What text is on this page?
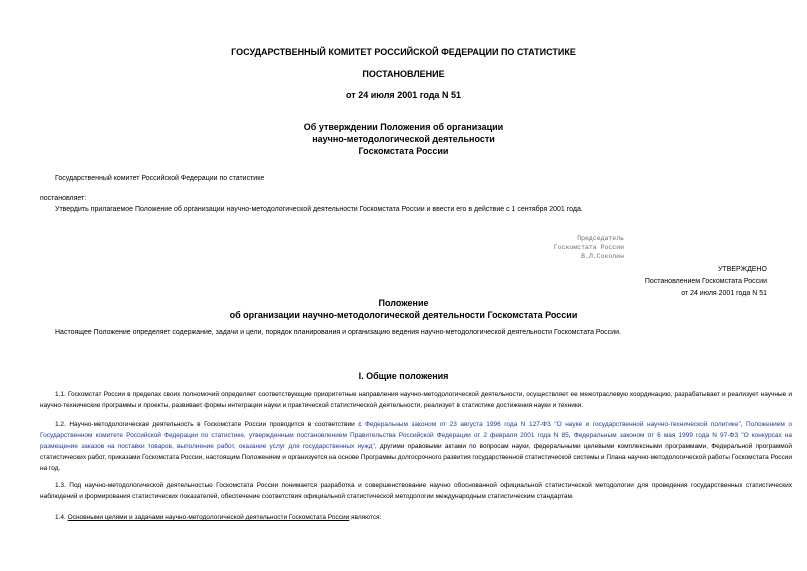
ГОСУДАРСТВЕННЫЙ КОМИТЕТ РОССИЙСКОЙ ФЕДЕРАЦИИ ПО СТАТИСТИКЕ

ПОСТАНОВЛЕНИЕ

от 24 июля 2001 года N 51

Об утверждении Положения об организации
научно-методологической деятельности
Госкомстата России

Государственный комитет Российской Федерации по статистике

постановляет:

Утвердить прилагаемое Положение об организации научно-методологической деятельности Госкомстата России и ввести его в действие с 1 сентября 2001 года.

Председатель
Госкомстата России
В.Л.Соколин
УТВЕРЖДЕНО
Постановлением Госкомстата России
от 24 июля 2001 года N 51
Положение
об организации научно-методологической деятельности Госкомстата России

Настоящее Положение определяет содержание, задачи и цели, порядок планирования и организацию ведения научно-методологической деятельности Госкомстата России.

I. Общие положения

1.1. Госкомстат России в пределах своих полномочий определяет соответствующие приоритетные направления научно-методологической деятельности, осуществляет ее межотраслевую координацию, разрабатывает и реализует научные и научно-технические программы и проекты, развивает формы интеграции науки и практической статистической деятельности, реализует в статистике достижения науки и техники.

1.2. Научно-методологическая деятельность в Госкомстате России проводится в соответствии с Федеральным законом от 23 августа 1996 года N 127-ФЗ "О науке и государственной научно-технической политике", Положением о Государственном комитете Российской Федерации по статистике, утвержденным постановлением Правительства Российской Федерации от 2 февраля 2001 года N 85, Федеральным законом от 6 мая 1999 года N 97-ФЗ "О конкурсах на размещение заказов на поставки товаров, выполнение работ, оказание услуг для государственных нужд", другими правовыми актами по вопросам науки, федеральными целевыми комплексными программами, Федеральной программой статистических работ, приказами Госкомстата России, настоящим Положением и организуется на основе Программы долгосрочного развития государственной статистической системы и Плана научно-методологической работы Госкомстата России на год.

1.3. Под научно-методологической деятельностью Госкомстата России понимается разработка и совершенствование научно обоснованной официальной статистической методологии для проведения государственных статистических наблюдений и формирования статистических показателей, обеспечение соответствия официальной статистической методологии международным статистическим стандартам.

1.4. Основными целями и задачами научно-методологической деятельности Госкомстата России являются:
